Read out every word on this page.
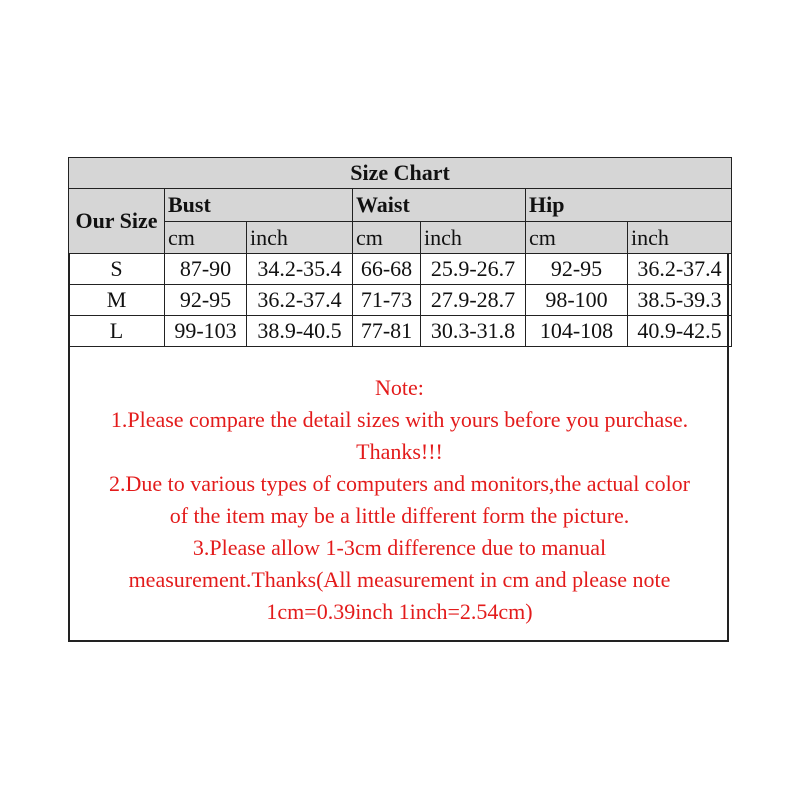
Size Chart						
Our Size	Bust		Waist		Hip	
	cm	inch	cm	inch	cm	inch
S	87-90	34.2-35.4	66-68	25.9-26.7	92-95	36.2-37.4
M	92-95	36.2-37.4	71-73	27.9-28.7	98-100	38.5-39.3
L	99-103	38.9-40.5	77-81	30.3-31.8	104-108	40.9-42.5
Note:
1.Please compare the detail sizes with yours before you purchase.
Thanks!!!
2.Due to various types of computers and monitors,the actual color
of the item may be a little different form the picture.
3.Please allow 1-3cm difference due to manual
measurement.Thanks(All measurement in cm and please note
1cm=0.39inch 1inch=2.54cm)
